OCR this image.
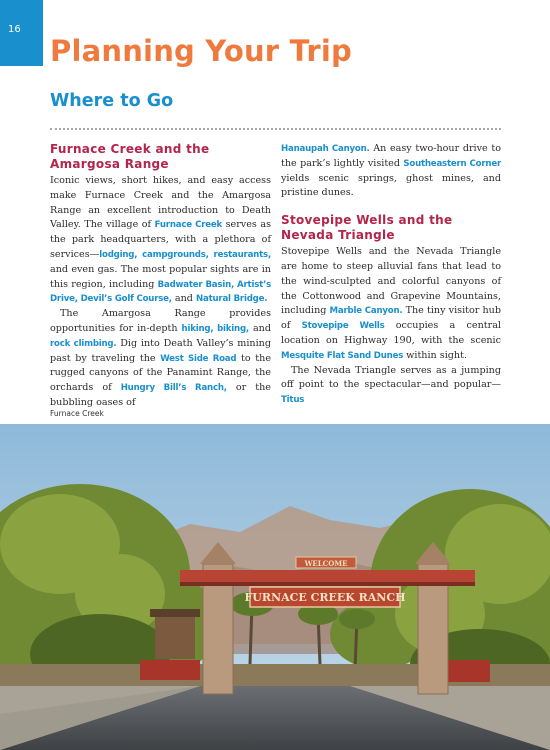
16
Planning Your Trip
Where to Go
Furnace Creek and the Amargosa Range

Iconic views, short hikes, and easy access make Furnace Creek and the Amargosa Range an excellent introduction to Death Valley. The village of Furnace Creek serves as the park headquarters, with a plethora of services—lodging, campgrounds, restaurants, and even gas. The most popular sights are in this region, including Badwater Basin, Artist’s Drive, Devil’s Golf Course, and Natural Bridge.

The Amargosa Range provides opportunities for in-depth hiking, biking, and rock climbing. Dig into Death Valley’s mining past by traveling the West Side Road to the rugged canyons of the Panamint Range, the orchards of Hungry Bill’s Ranch, or the bubbling oases of

Hanaupah Canyon. An easy two-hour drive to the park’s lightly visited Southeastern Corner yields scenic springs, ghost mines, and pristine dunes.

Stovepipe Wells and the Nevada Triangle

Stovepipe Wells and the Nevada Triangle are home to steep alluvial fans that lead to the wind-sculpted and colorful canyons of the Cottonwood and Grapevine Mountains, including Marble Canyon. The tiny visitor hub of Stovepipe Wells occupies a central location on Highway 190, with the scenic Mesquite Flat Sand Dunes within sight.

The Nevada Triangle serves as a jumping off point to the spectacular—and popular—Titus

Furnace Creek
WELCOME
FURNACE CREEK RANCH
